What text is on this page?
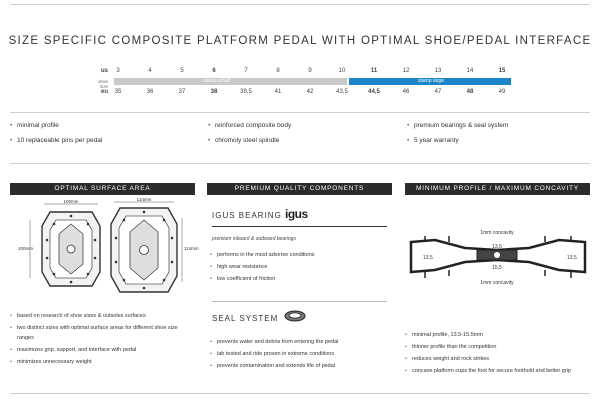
SIZE SPECIFIC COMPOSITE PLATFORM PEDAL WITH OPTIMAL SHOE/PEDAL INTERFACE
us
shoe size
eu
3	4	5	6	7	8	9	10	11	12	13	14	15
stamp small	stamp large
35	36	37	38	39,5	41	42	43,5	44,5	46	47	48	49
• minimal profile
• 10 replaceable pins per pedal
• reinforced composite body
• chromoly steel spindle
• premium bearings & seal system
• 5 year warranty
OPTIMAL SURFACE AREA	PREMIUM QUALITY COMPONENTS	MINIMUM PROFILE / MAXIMUM CONCAVITY
100mm
100mm
114mm
114mm
• based on research of shoe sizes & outsoles surfaces
• two distinct sizes with optimal surface areas for different shoe size ranges
• maximizes grip, support, and interface with pedal
• minimizes unnecessary weight
IGUS BEARING igus
premium inboard & outboard bearings
• performs in the most adverse conditions
• high wear resistance
• low coefficient of friction
SEAL SYSTEM
• prevents water and debris from entering the pedal
• lab tested and ride proven in extreme conditions
• prevents contamination and extends life of pedal
1mm concavity
13,5
13,5
15,5
13,5
1mm concavity
• minimal profile, 13.5-15.5mm
• thinner profile than the competition
• reduces weight and rock strikes
• concave platform cups the foot for secure foothold and better grip
